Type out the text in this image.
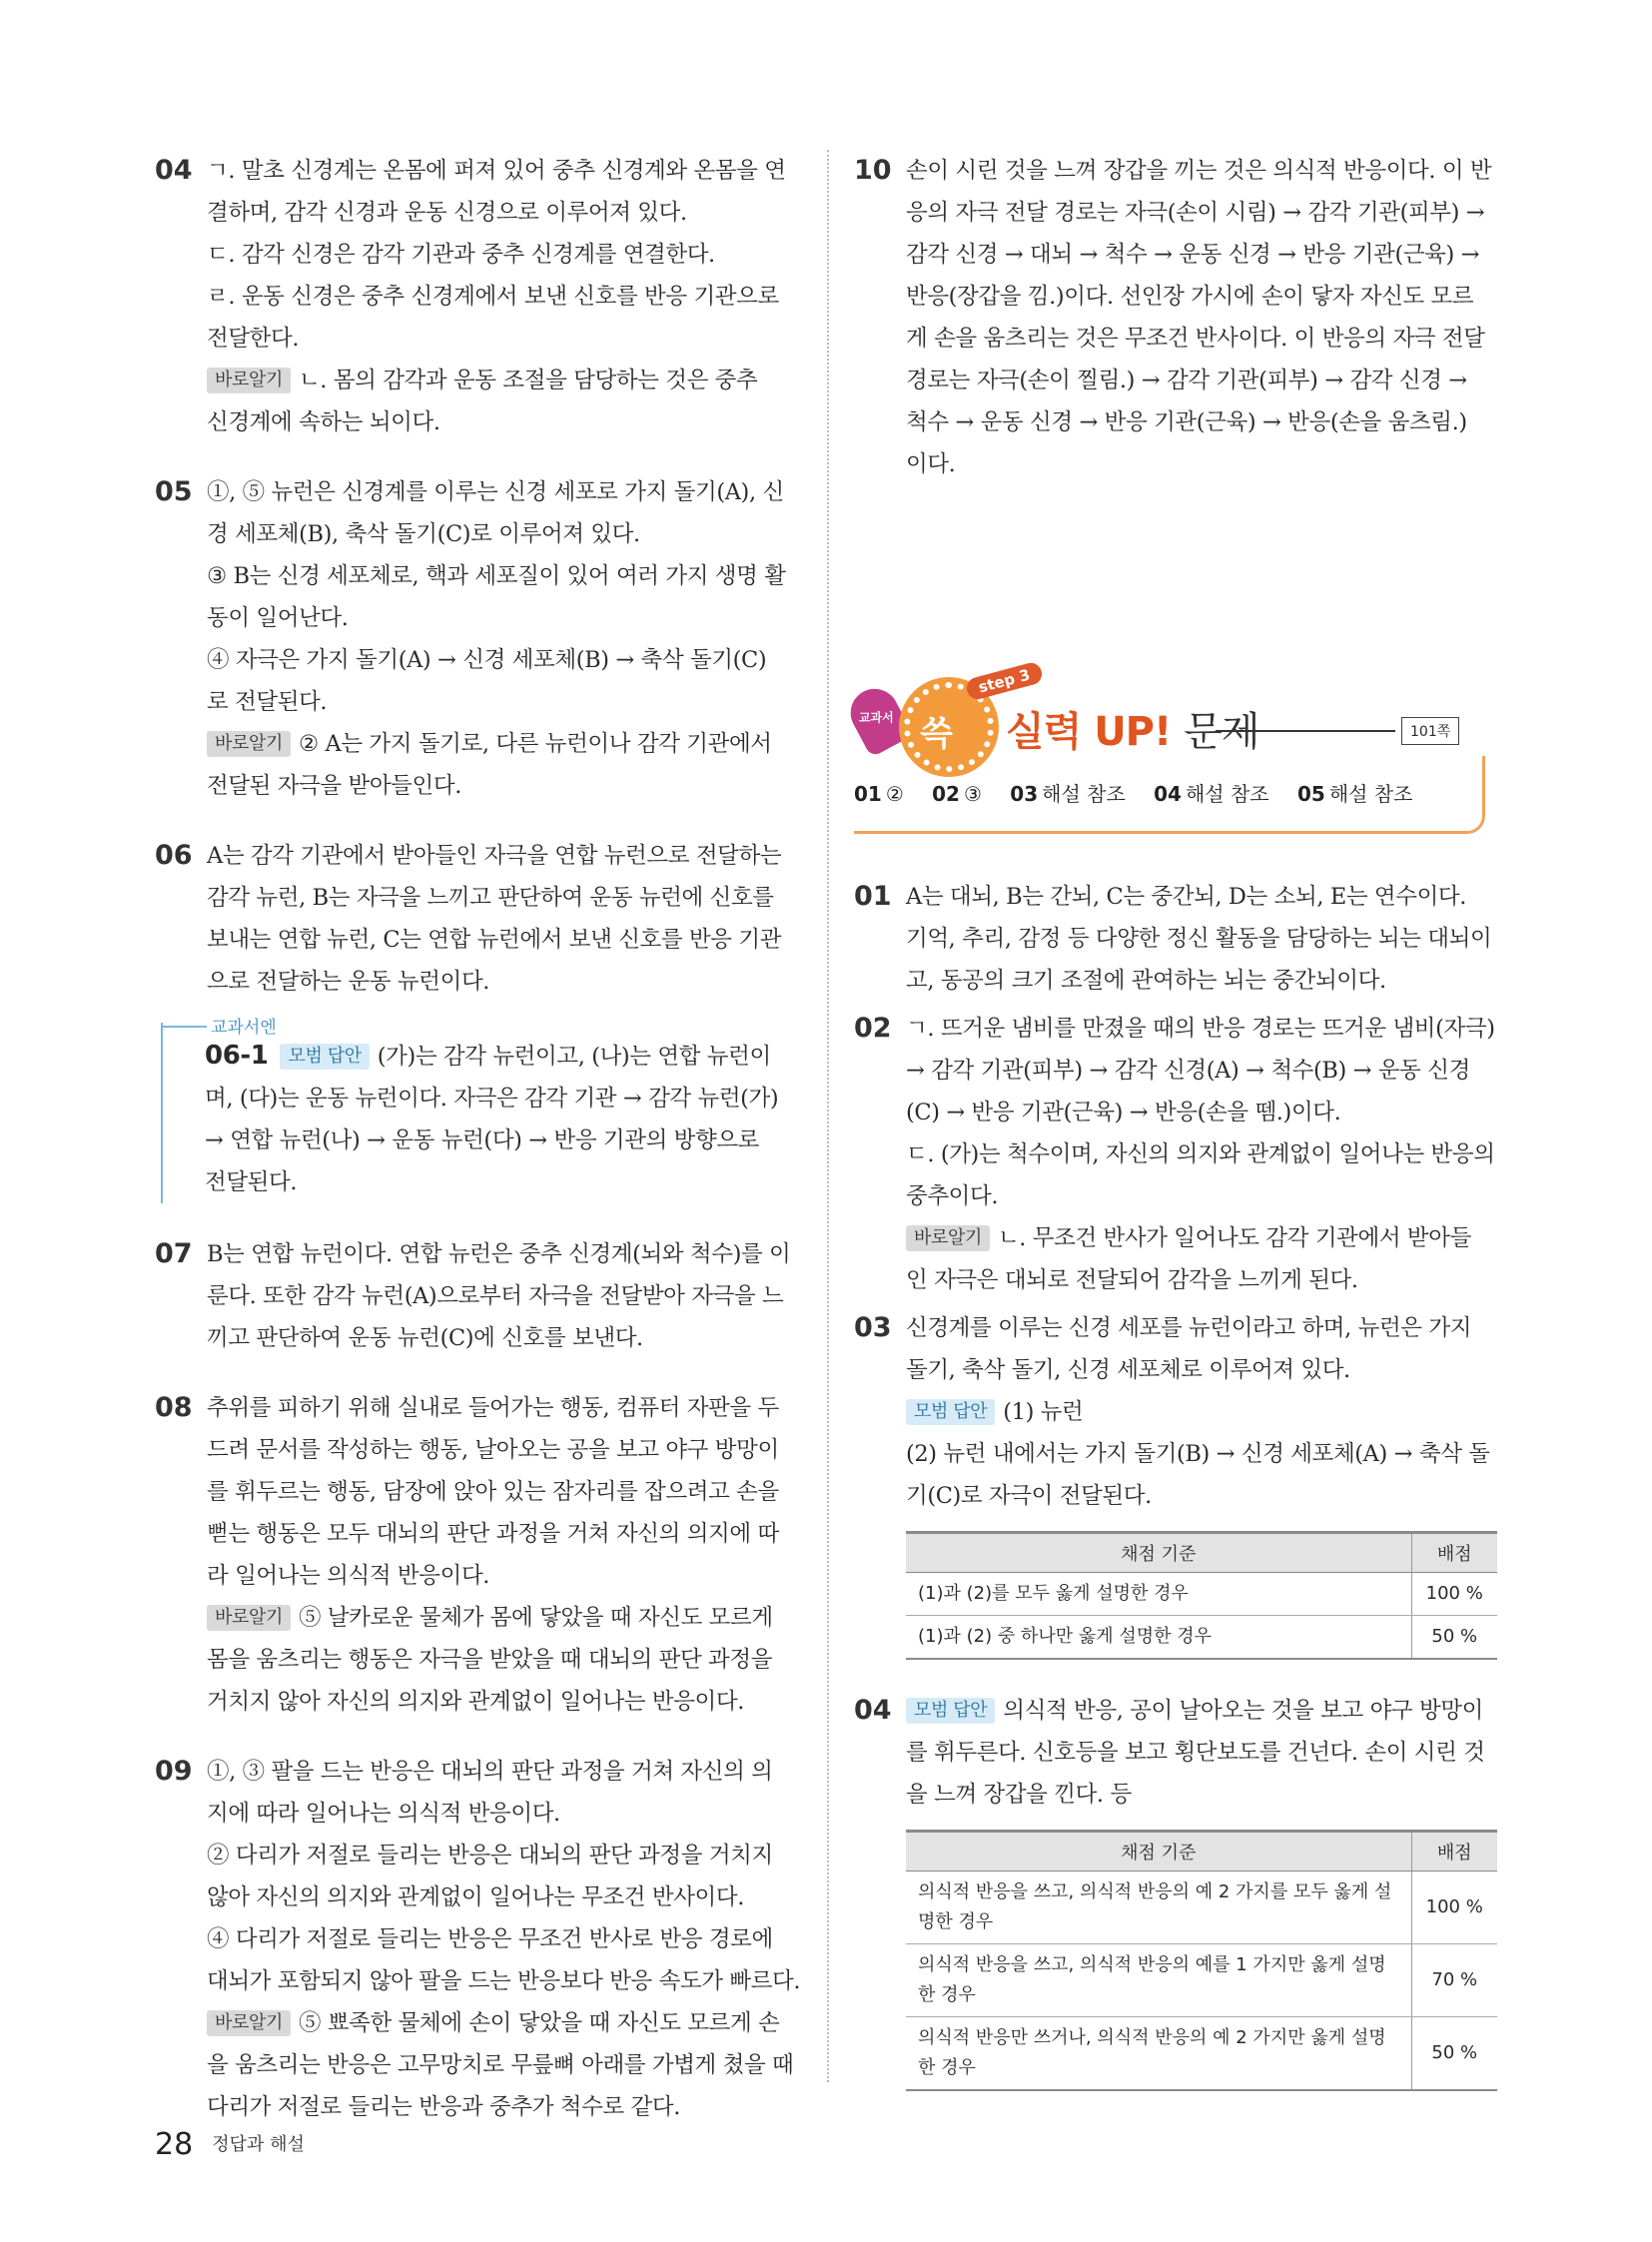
04 ㄱ. 말초 신경계는 온몸에 퍼져 있어 중추 신경계와 온몸을 연
결하며, 감각 신경과 운동 신경으로 이루어져 있다.
ㄷ. 감각 신경은 감각 기관과 중추 신경계를 연결한다.
ㄹ. 운동 신경은 중추 신경계에서 보낸 신호를 반응 기관으로
전달한다.
바로알기 ㄴ. 몸의 감각과 운동 조절을 담당하는 것은 중추
신경계에 속하는 뇌이다.
05 ①, ⑤ 뉴런은 신경계를 이루는 신경 세포로 가지 돌기(A), 신
경 세포체(B), 축삭 돌기(C)로 이루어져 있다.
③ B는 신경 세포체로, 핵과 세포질이 있어 여러 가지 생명 활
동이 일어난다.
④ 자극은 가지 돌기(A) → 신경 세포체(B) → 축삭 돌기(C)
로 전달된다.
바로알기 ② A는 가지 돌기로, 다른 뉴런이나 감각 기관에서
전달된 자극을 받아들인다.
06 A는 감각 기관에서 받아들인 자극을 연합 뉴런으로 전달하는
감각 뉴런, B는 자극을 느끼고 판단하여 운동 뉴런에 신호를
보내는 연합 뉴런, C는 연합 뉴런에서 보낸 신호를 반응 기관
으로 전달하는 운동 뉴런이다.
교과서엔
06-1 모범 답안 (가)는 감각 뉴런이고, (나)는 연합 뉴런이
며, (다)는 운동 뉴런이다. 자극은 감각 기관 → 감각 뉴런(가)
→ 연합 뉴런(나) → 운동 뉴런(다) → 반응 기관의 방향으로
전달된다.
07 B는 연합 뉴런이다. 연합 뉴런은 중추 신경계(뇌와 척수)를 이
룬다. 또한 감각 뉴런(A)으로부터 자극을 전달받아 자극을 느
끼고 판단하여 운동 뉴런(C)에 신호를 보낸다.
08 추위를 피하기 위해 실내로 들어가는 행동, 컴퓨터 자판을 두
드려 문서를 작성하는 행동, 날아오는 공을 보고 야구 방망이
를 휘두르는 행동, 담장에 앉아 있는 잠자리를 잡으려고 손을
뻗는 행동은 모두 대뇌의 판단 과정을 거쳐 자신의 의지에 따
라 일어나는 의식적 반응이다.
바로알기 ⑤ 날카로운 물체가 몸에 닿았을 때 자신도 모르게
몸을 움츠리는 행동은 자극을 받았을 때 대뇌의 판단 과정을
거치지 않아 자신의 의지와 관계없이 일어나는 반응이다.
09 ①, ③ 팔을 드는 반응은 대뇌의 판단 과정을 거쳐 자신의 의
지에 따라 일어나는 의식적 반응이다.
② 다리가 저절로 들리는 반응은 대뇌의 판단 과정을 거치지
않아 자신의 의지와 관계없이 일어나는 무조건 반사이다.
④ 다리가 저절로 들리는 반응은 무조건 반사로 반응 경로에
대뇌가 포함되지 않아 팔을 드는 반응보다 반응 속도가 빠르다.
바로알기 ⑤ 뾰족한 물체에 손이 닿았을 때 자신도 모르게 손
을 움츠리는 반응은 고무망치로 무릎뼈 아래를 가볍게 쳤을 때
다리가 저절로 들리는 반응과 중추가 척수로 같다.
10 손이 시린 것을 느껴 장갑을 끼는 것은 의식적 반응이다. 이 반
응의 자극 전달 경로는 자극(손이 시림) → 감각 기관(피부) →
감각 신경 → 대뇌 → 척수 → 운동 신경 → 반응 기관(근육) →
반응(장갑을 낌.)이다. 선인장 가시에 손이 닿자 자신도 모르
게 손을 움츠리는 것은 무조건 반사이다. 이 반응의 자극 전달
경로는 자극(손이 찔림.) → 감각 기관(피부) → 감각 신경 →
척수 → 운동 신경 → 반응 기관(근육) → 반응(손을 움츠림.)
이다.
교과서 쓱
step 3
실력 UP! 문제	101쪽
01 ② 02 ③ 03 해설 참조 04 해설 참조 05 해설 참조
01 A는 대뇌, B는 간뇌, C는 중간뇌, D는 소뇌, E는 연수이다.
기억, 추리, 감정 등 다양한 정신 활동을 담당하는 뇌는 대뇌이
고, 동공의 크기 조절에 관여하는 뇌는 중간뇌이다.
02 ㄱ. 뜨거운 냄비를 만졌을 때의 반응 경로는 뜨거운 냄비(자극)
→ 감각 기관(피부) → 감각 신경(A) → 척수(B) → 운동 신경
(C) → 반응 기관(근육) → 반응(손을 뗌.)이다.
ㄷ. (가)는 척수이며, 자신의 의지와 관계없이 일어나는 반응의
중추이다.
바로알기 ㄴ. 무조건 반사가 일어나도 감각 기관에서 받아들
인 자극은 대뇌로 전달되어 감각을 느끼게 된다.
03 신경계를 이루는 신경 세포를 뉴런이라고 하며, 뉴런은 가지
돌기, 축삭 돌기, 신경 세포체로 이루어져 있다.
모범 답안 (1) 뉴런
(2) 뉴런 내에서는 가지 돌기(B) → 신경 세포체(A) → 축삭 돌
기(C)로 자극이 전달된다.
채점 기준	배점
(1)과 (2)를 모두 옳게 설명한 경우	100 %
(1)과 (2) 중 하나만 옳게 설명한 경우	50 %
04	모범 답안 의식적 반응, 공이 날아오는 것을 보고 야구 방망이
를 휘두른다. 신호등을 보고 횡단보도를 건넌다. 손이 시린 것
을 느껴 장갑을 낀다. 등
채점 기준	배점
의식적 반응을 쓰고, 의식적 반응의 예 2 가지를 모두 옳게 설명한 경우	100 %
의식적 반응을 쓰고, 의식적 반응의 예를 1 가지만 옳게 설명한 경우	70 %
의식적 반응만 쓰거나, 의식적 반응의 예 2 가지만 옳게 설명한 경우	50 %
28 정답과 해설
